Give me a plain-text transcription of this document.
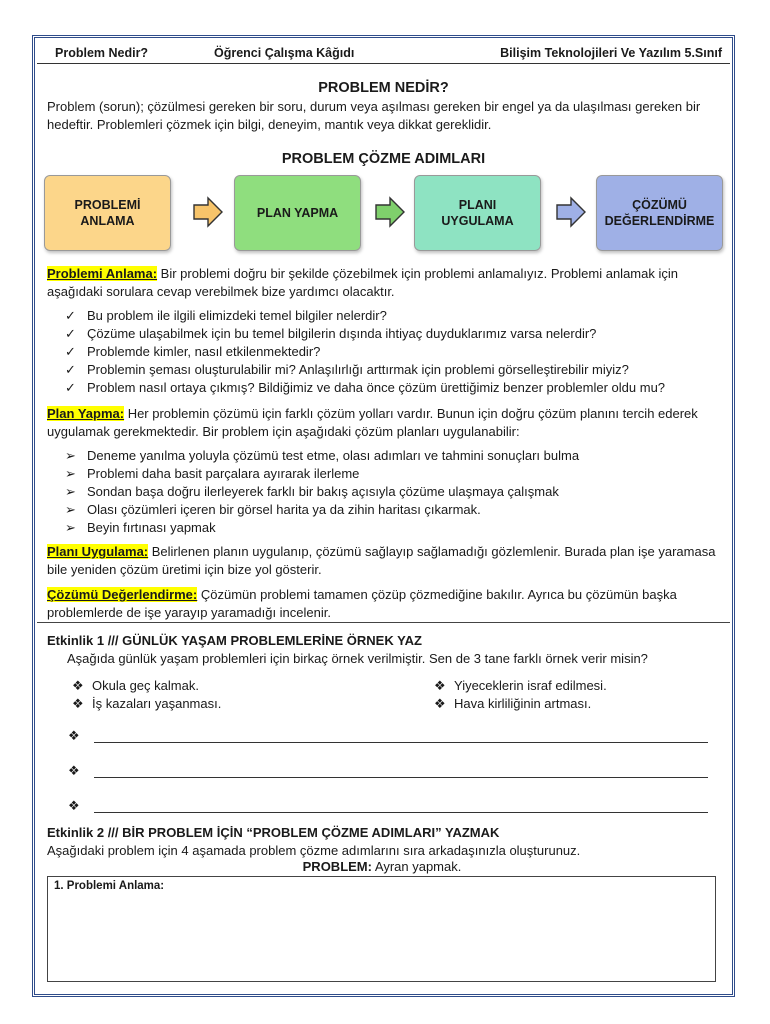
Problem Nedir?	Öğrenci Çalışma Kâğıdı	Bilişim Teknolojileri Ve Yazılım 5.Sınıf
PROBLEM NEDİR?
Problem (sorun); çözülmesi gereken bir soru, durum veya aşılması gereken bir engel ya da ulaşılması gereken bir hedeftir. Problemleri çözmek için bilgi, deneyim, mantık veya dikkat gereklidir.
PROBLEM ÇÖZME ADIMLARI
PROBLEMİ
ANLAMA
PLAN YAPMA
PLANI
UYGULAMA
ÇÖZÜMÜ
DEĞERLENDİRME
Problemi Anlama: Bir problemi doğru bir şekilde çözebilmek için problemi anlamalıyız. Problemi anlamak için aşağıdaki sorulara cevap verebilmek bize yardımcı olacaktır.
✓ Bu problem ile ilgili elimizdeki temel bilgiler nelerdir?
✓ Çözüme ulaşabilmek için bu temel bilgilerin dışında ihtiyaç duyduklarımız varsa nelerdir?
✓ Problemde kimler, nasıl etkilenmektedir?
✓ Problemin şeması oluşturulabilir mi? Anlaşılırlığı arttırmak için problemi görselleştirebilir miyiz?
✓ Problem nasıl ortaya çıkmış? Bildiğimiz ve daha önce çözüm ürettiğimiz benzer problemler oldu mu?
Plan Yapma: Her problemin çözümü için farklı çözüm yolları vardır. Bunun için doğru çözüm planını tercih ederek uygulamak gerekmektedir. Bir problem için aşağıdaki çözüm planları uygulanabilir:
➢ Deneme yanılma yoluyla çözümü test etme, olası adımları ve tahmini sonuçları bulma
➢ Problemi daha basit parçalara ayırarak ilerleme
➢ Sondan başa doğru ilerleyerek farklı bir bakış açısıyla çözüme ulaşmaya çalışmak
➢ Olası çözümleri içeren bir görsel harita ya da zihin haritası çıkarmak.
➢ Beyin fırtınası yapmak
Planı Uygulama: Belirlenen planın uygulanıp, çözümü sağlayıp sağlamadığı gözlemlenir. Burada plan işe yaramasa bile yeniden çözüm üretimi için bize yol gösterir.
Çözümü Değerlendirme: Çözümün problemi tamamen çözüp çözmediğine bakılır. Ayrıca bu çözümün başka problemlerde de işe yarayıp yaramadığı incelenir.
Etkinlik 1 /// GÜNLÜK YAŞAM PROBLEMLERİNE ÖRNEK YAZ
Aşağıda günlük yaşam problemleri için birkaç örnek verilmiştir. Sen de 3 tane farklı örnek verir misin?
❖ Okula geç kalmak.
❖ İş kazaları yaşanması.
❖ Yiyeceklerin israf edilmesi.
❖ Hava kirliliğinin artması.
❖
❖
❖
Etkinlik 2 /// BİR PROBLEM İÇİN “PROBLEM ÇÖZME ADIMLARI” YAZMAK
Aşağıdaki problem için 4 aşamada problem çözme adımlarını sıra arkadaşınızla oluşturunuz.
PROBLEM: Ayran yapmak.
1. Problemi Anlama:
